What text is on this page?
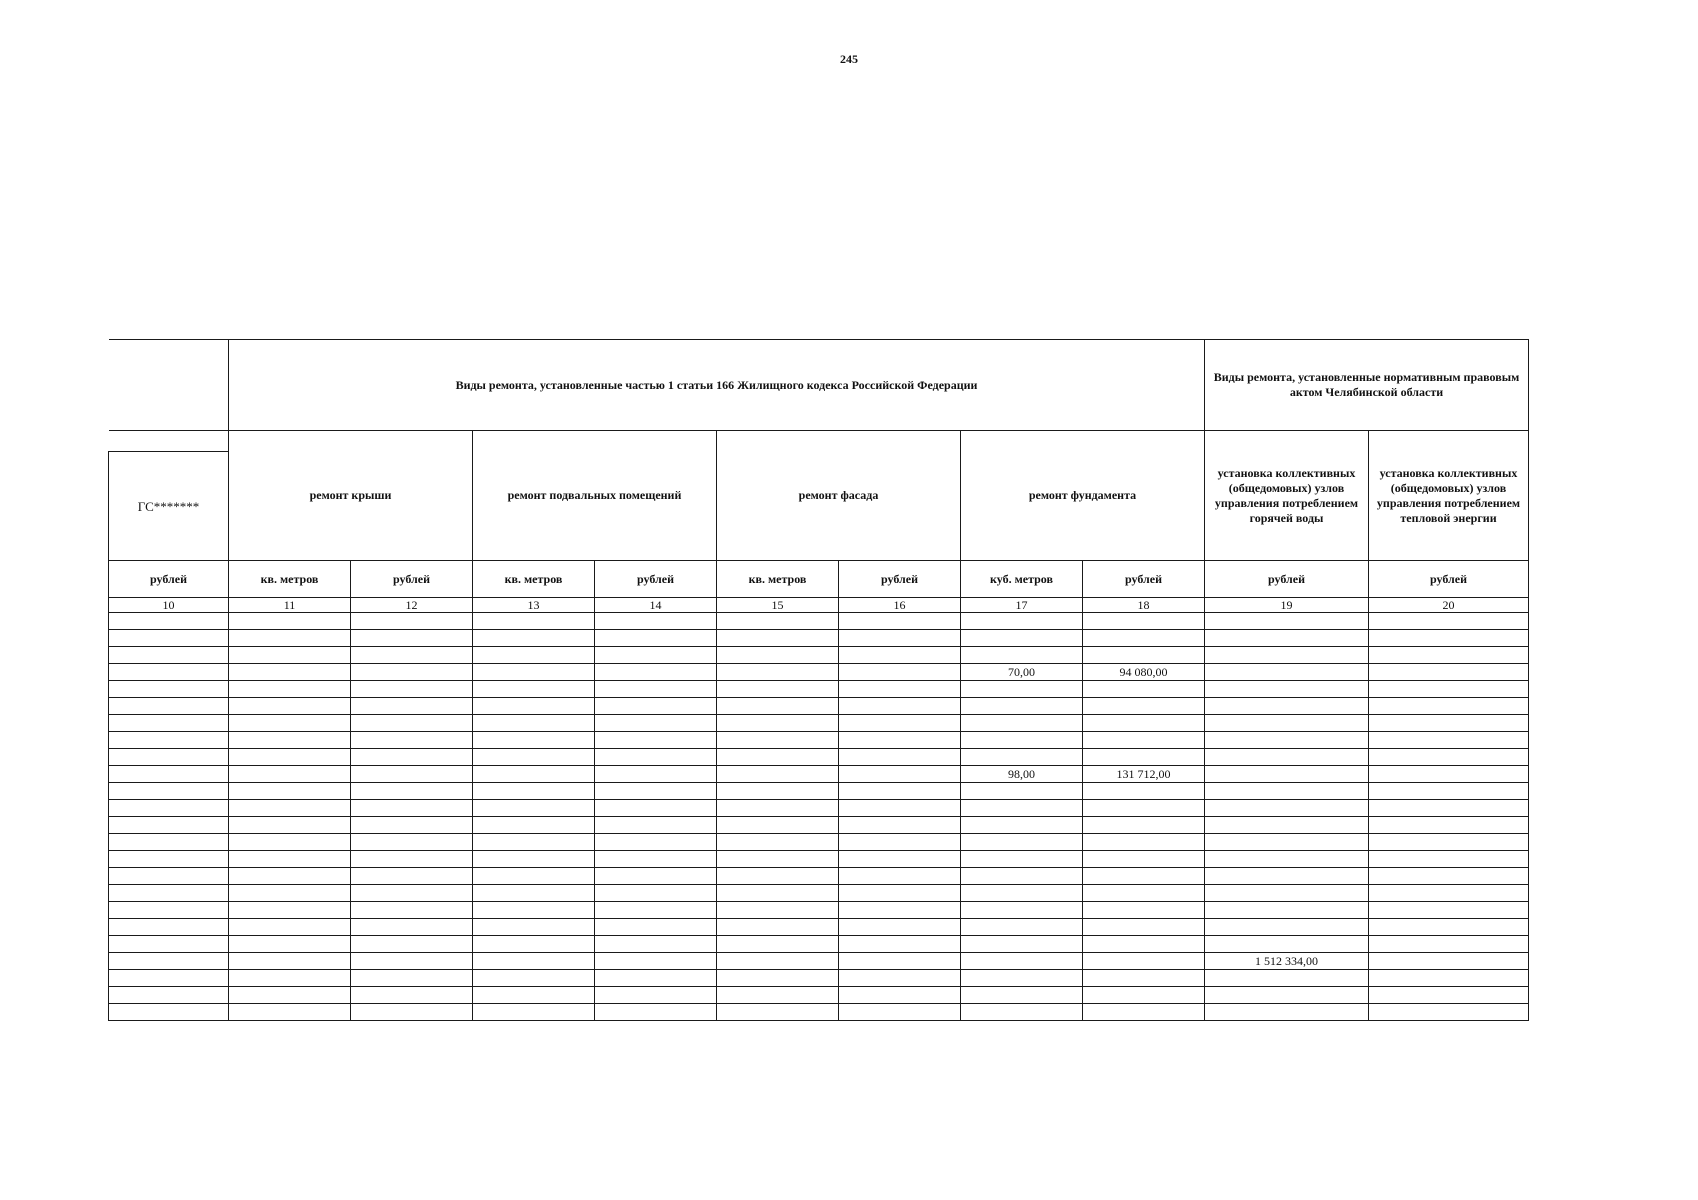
245
	Виды ремонта, установленные частью 1 статьи 166 Жилищного кодекса Российской Федерации								Виды ремонта, установленные нормативным правовым актом Челябинской области	
	ремонт крыши		ремонт подвальных помещений		ремонт фасада		ремонт фундамента		установка коллективных (общедомовых) узлов управления потреблением горячей воды	установка коллективных (общедомовых) узлов управления потреблением тепловой энергии
ГС*******										
рублей	кв. метров	рублей	кв. метров	рублей	кв. метров	рублей	куб. метров	рублей	рублей	рублей
10	11	12	13	14	15	16	17	18	19	20

							70,00	94 080,00		

							98,00	131 712,00		

									1 512 334,00	
